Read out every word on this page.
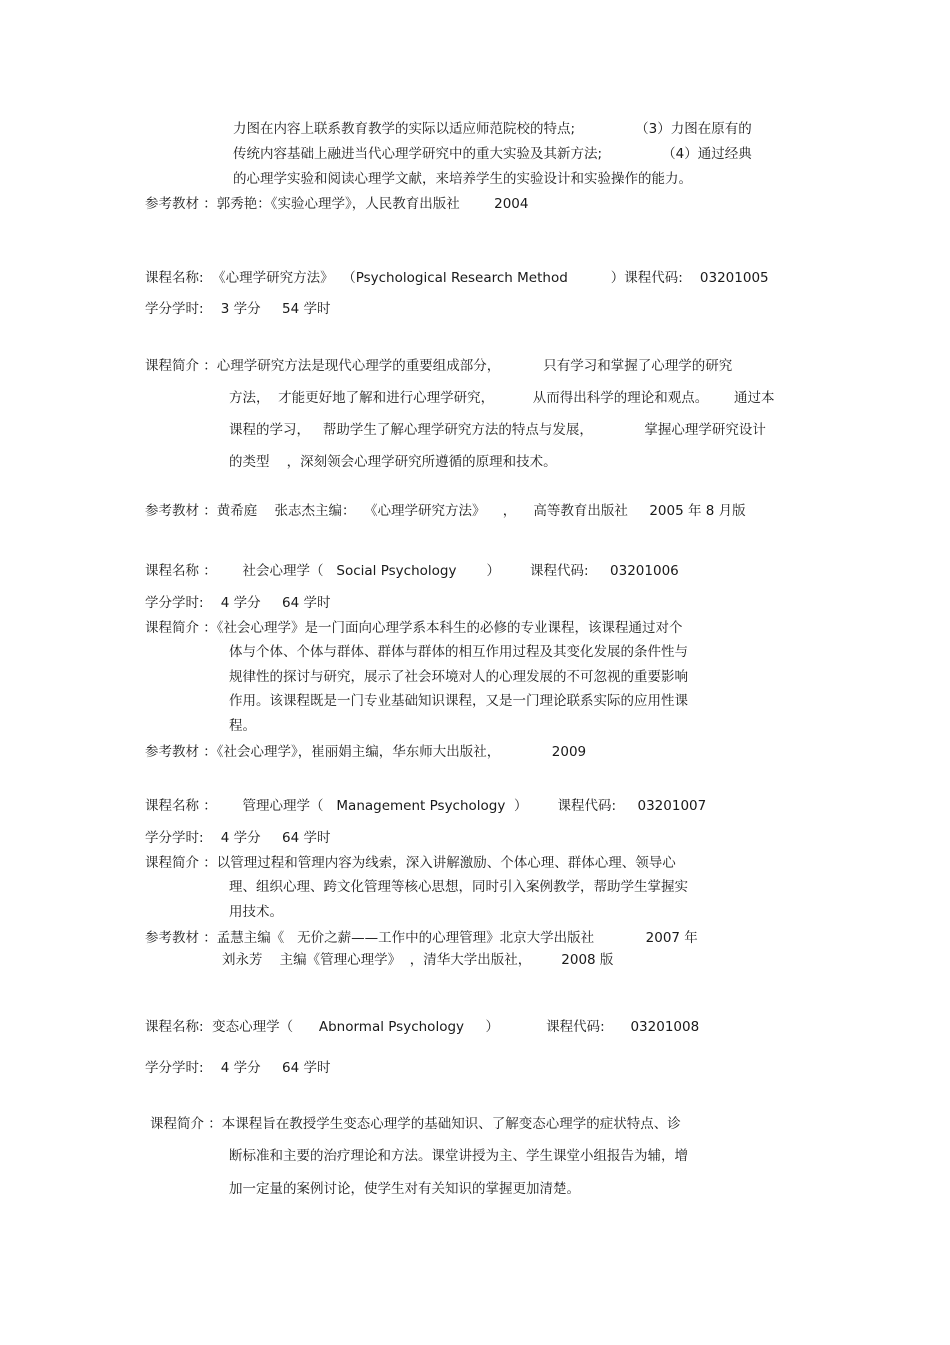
力图在内容上联系教育教学的实际以适应师范院校的特点;              （3）力图在原有的
传统内容基础上融进当代心理学研究中的重大实验及其新方法;              （4）通过经典
的心理学实验和阅读心理学文献，来培养学生的实验设计和实验操作的能力。
参考教材 ：郭秀艳：《实验心理学》，人民教育出版社        2004
课程名称:  《心理学研究方法》  （Psychological Research Method          ）课程代码:    03201005
学分学时:    3 学分     54 学时
课程简介 ：心理学研究方法是现代心理学的重要组成部分，          只有学习和掌握了心理学的研究
方法，  才能更好地了解和进行心理学研究，         从而得出科学的理论和观点。      通过本
课程的学习，   帮助学生了解心理学研究方法的特点与发展，            掌握心理学研究设计
的类型    ，深刻领会心理学研究所遵循的原理和技术。
参考教材 ：黄希庭    张志杰主编：  《心理学研究方法》    ，    高等教育出版社     2005 年 8 月版
课程名称 ：      社会心理学（   Social Psychology       ）       课程代码:     03201006
学分学时:    4 学分     64 学时
课程简介 ：《社会心理学》是一门面向心理学系本科生的必修的专业课程，该课程通过对个
体与个体、个体与群体、群体与群体的相互作用过程及其变化发展的条件性与
规律性的探讨与研究，展示了社会环境对人的心理发展的不可忽视的重要影响
作用。该课程既是一门专业基础知识课程，又是一门理论联系实际的应用性课
程。
参考教材 ：《社会心理学》，崔丽娟主编，华东师大出版社，            2009
课程名称 ：      管理心理学（   Management Psychology  ）       课程代码:     03201007
学分学时:    4 学分     64 学时
课程简介 ：以管理过程和管理内容为线索，深入讲解激励、个体心理、群体心理、领导心
理、组织心理、跨文化管理等核心思想，同时引入案例教学，帮助学生掌握实
用技术。
参考教材 ：孟慧主编《   无价之薪——工作中的心理管理》北京大学出版社            2007 年
刘永芳    主编《管理心理学》  ，清华大学出版社，       2008 版
课程名称:  变态心理学（      Abnormal Psychology     ）           课程代码:      03201008
学分学时:    4 学分     64 学时
课程简介 ：本课程旨在教授学生变态心理学的基础知识、了解变态心理学的症状特点、诊
断标准和主要的治疗理论和方法。课堂讲授为主、学生课堂小组报告为辅，增
加一定量的案例讨论，使学生对有关知识的掌握更加清楚。
